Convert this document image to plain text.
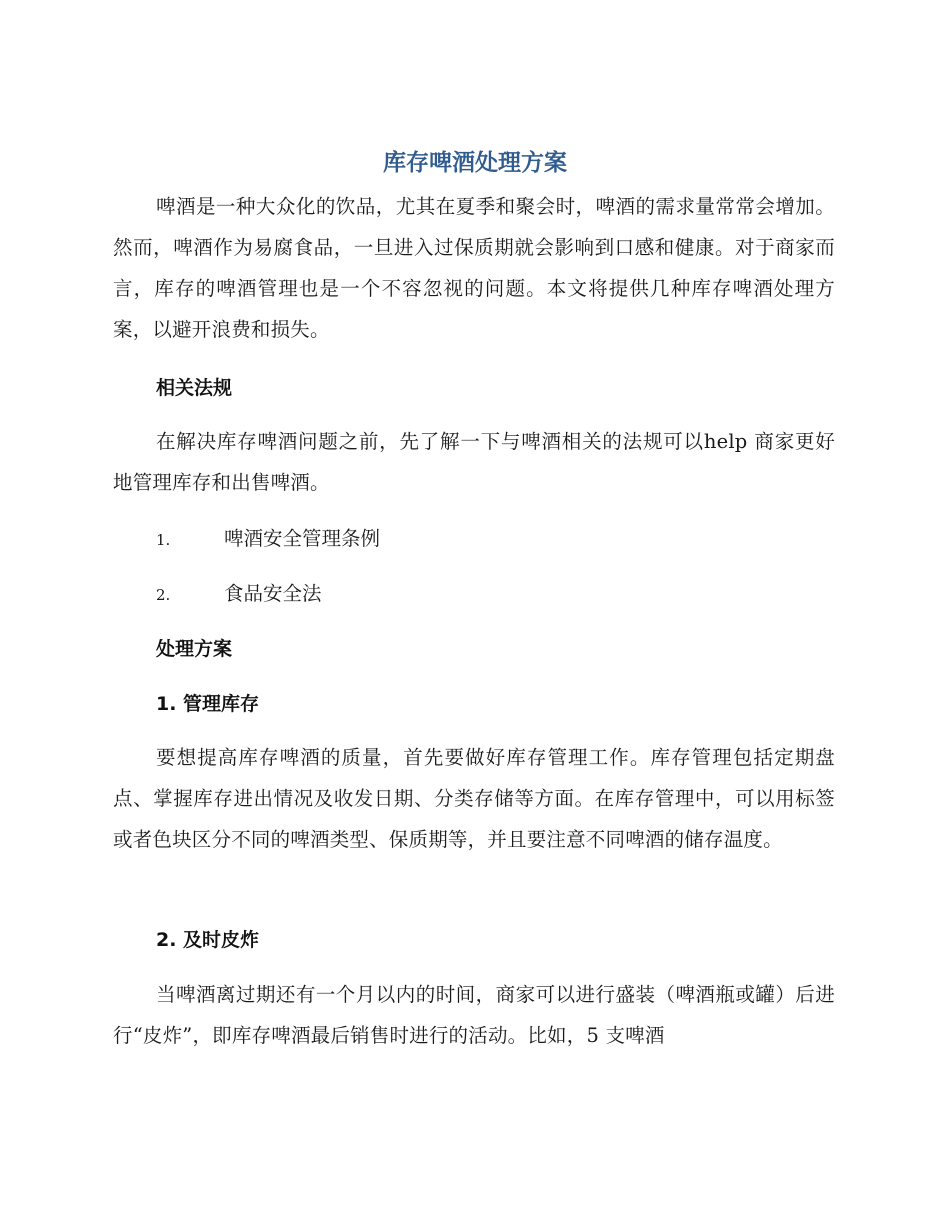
库存啤酒处理方案

啤酒是一种大众化的饮品，尤其在夏季和聚会时，啤酒的需求量常常会增加。然而，啤酒作为易腐食品，一旦进入过保质期就会影响到口感和健康。对于商家而言，库存的啤酒管理也是一个不容忽视的问题。本文将提供几种库存啤酒处理方案，以避开浪费和损失。

相关法规

在解决库存啤酒问题之前，先了解一下与啤酒相关的法规可以help 商家更好地管理库存和出售啤酒。

1.	啤酒安全管理条例
2.	食品安全法
处理方案
1. 管理库存

要想提高库存啤酒的质量，首先要做好库存管理工作。库存管理包括定期盘点、掌握库存进出情况及收发日期、分类存储等方面。在库存管理中，可以用标签或者色块区分不同的啤酒类型、保质期等，并且要注意不同啤酒的储存温度。

2. 及时皮炸

当啤酒离过期还有一个月以内的时间，商家可以进行盛装（啤酒瓶或罐）后进行“皮炸”，即库存啤酒最后销售时进行的活动。比如，5 支啤酒
